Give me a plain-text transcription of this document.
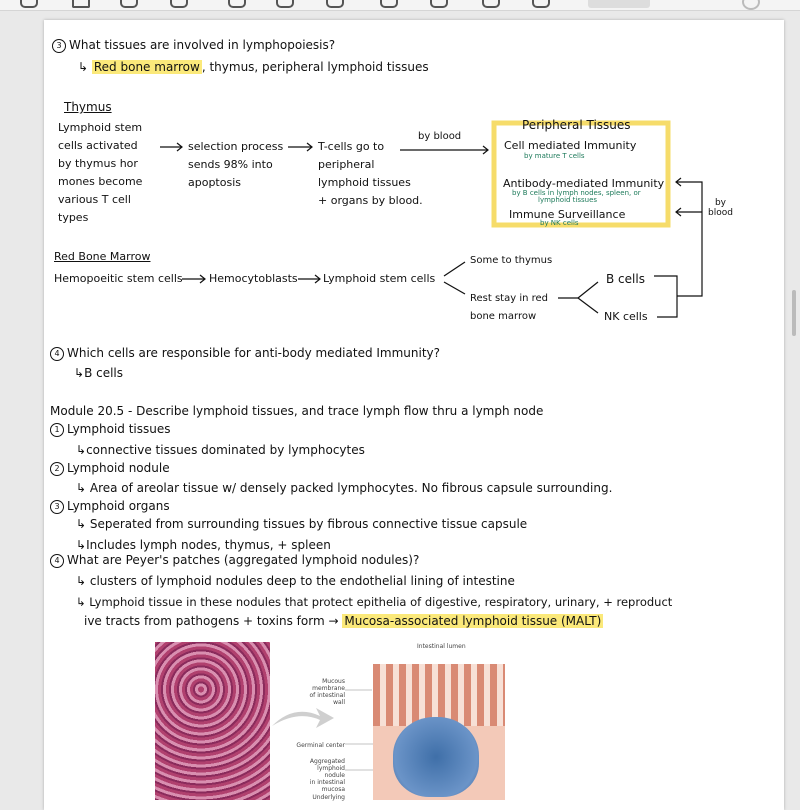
3 What tissues are involved in lymphopoiesis?
↳ Red bone marrow , thymus, peripheral lymphoid tissues
Thymus
Lymphoid stem
cells activated
by thymus hor
mones become
various T cell
types
selection process
sends 98% into
apoptosis
T-cells go to
peripheral
lymphoid tissues
+ organs by blood.
by blood
Peripheral Tissues
Cell mediated Immunity
by mature T cells
Antibody-mediated Immunity
by B cells in lymph nodes, spleen, or
lymphoid tissues
Immune Surveillance
by NK cells
by
blood
Red Bone Marrow
Hemopoeitic stem cells Hemocytoblasts Lymphoid stem cells
Some to thymus
Rest stay in red
bone marrow
B cells
NK cells
4 Which cells are responsible for anti-body mediated Immunity?
↳B cells
Module 20.5 - Describe lymphoid tissues, and trace lymph flow thru a lymph node
1 Lymphoid tissues
↳connective tissues dominated by lymphocytes
2 Lymphoid nodule
↳ Area of areolar tissue w/ densely packed lymphocytes. No fibrous capsule surrounding.
3 Lymphoid organs
↳ Seperated from surrounding tissues by fibrous connective tissue capsule
↳Includes lymph nodes, thymus, + spleen
4 What are Peyer's patches (aggregated lymphoid nodules)?
↳ clusters of lymphoid nodules deep to the endothelial lining of intestine
↳ Lymphoid tissue in these nodules that protect epithelia of digestive, respiratory, urinary, + reproduct
ive tracts from pathogens + toxins form → Mucosa-associated lymphoid tissue (MALT)
Intestinal lumen
Mucous
membrane
of intestinal wall
Germinal center
Aggregated
lymphoid nodule
in intestinal mucosa
Underlying
